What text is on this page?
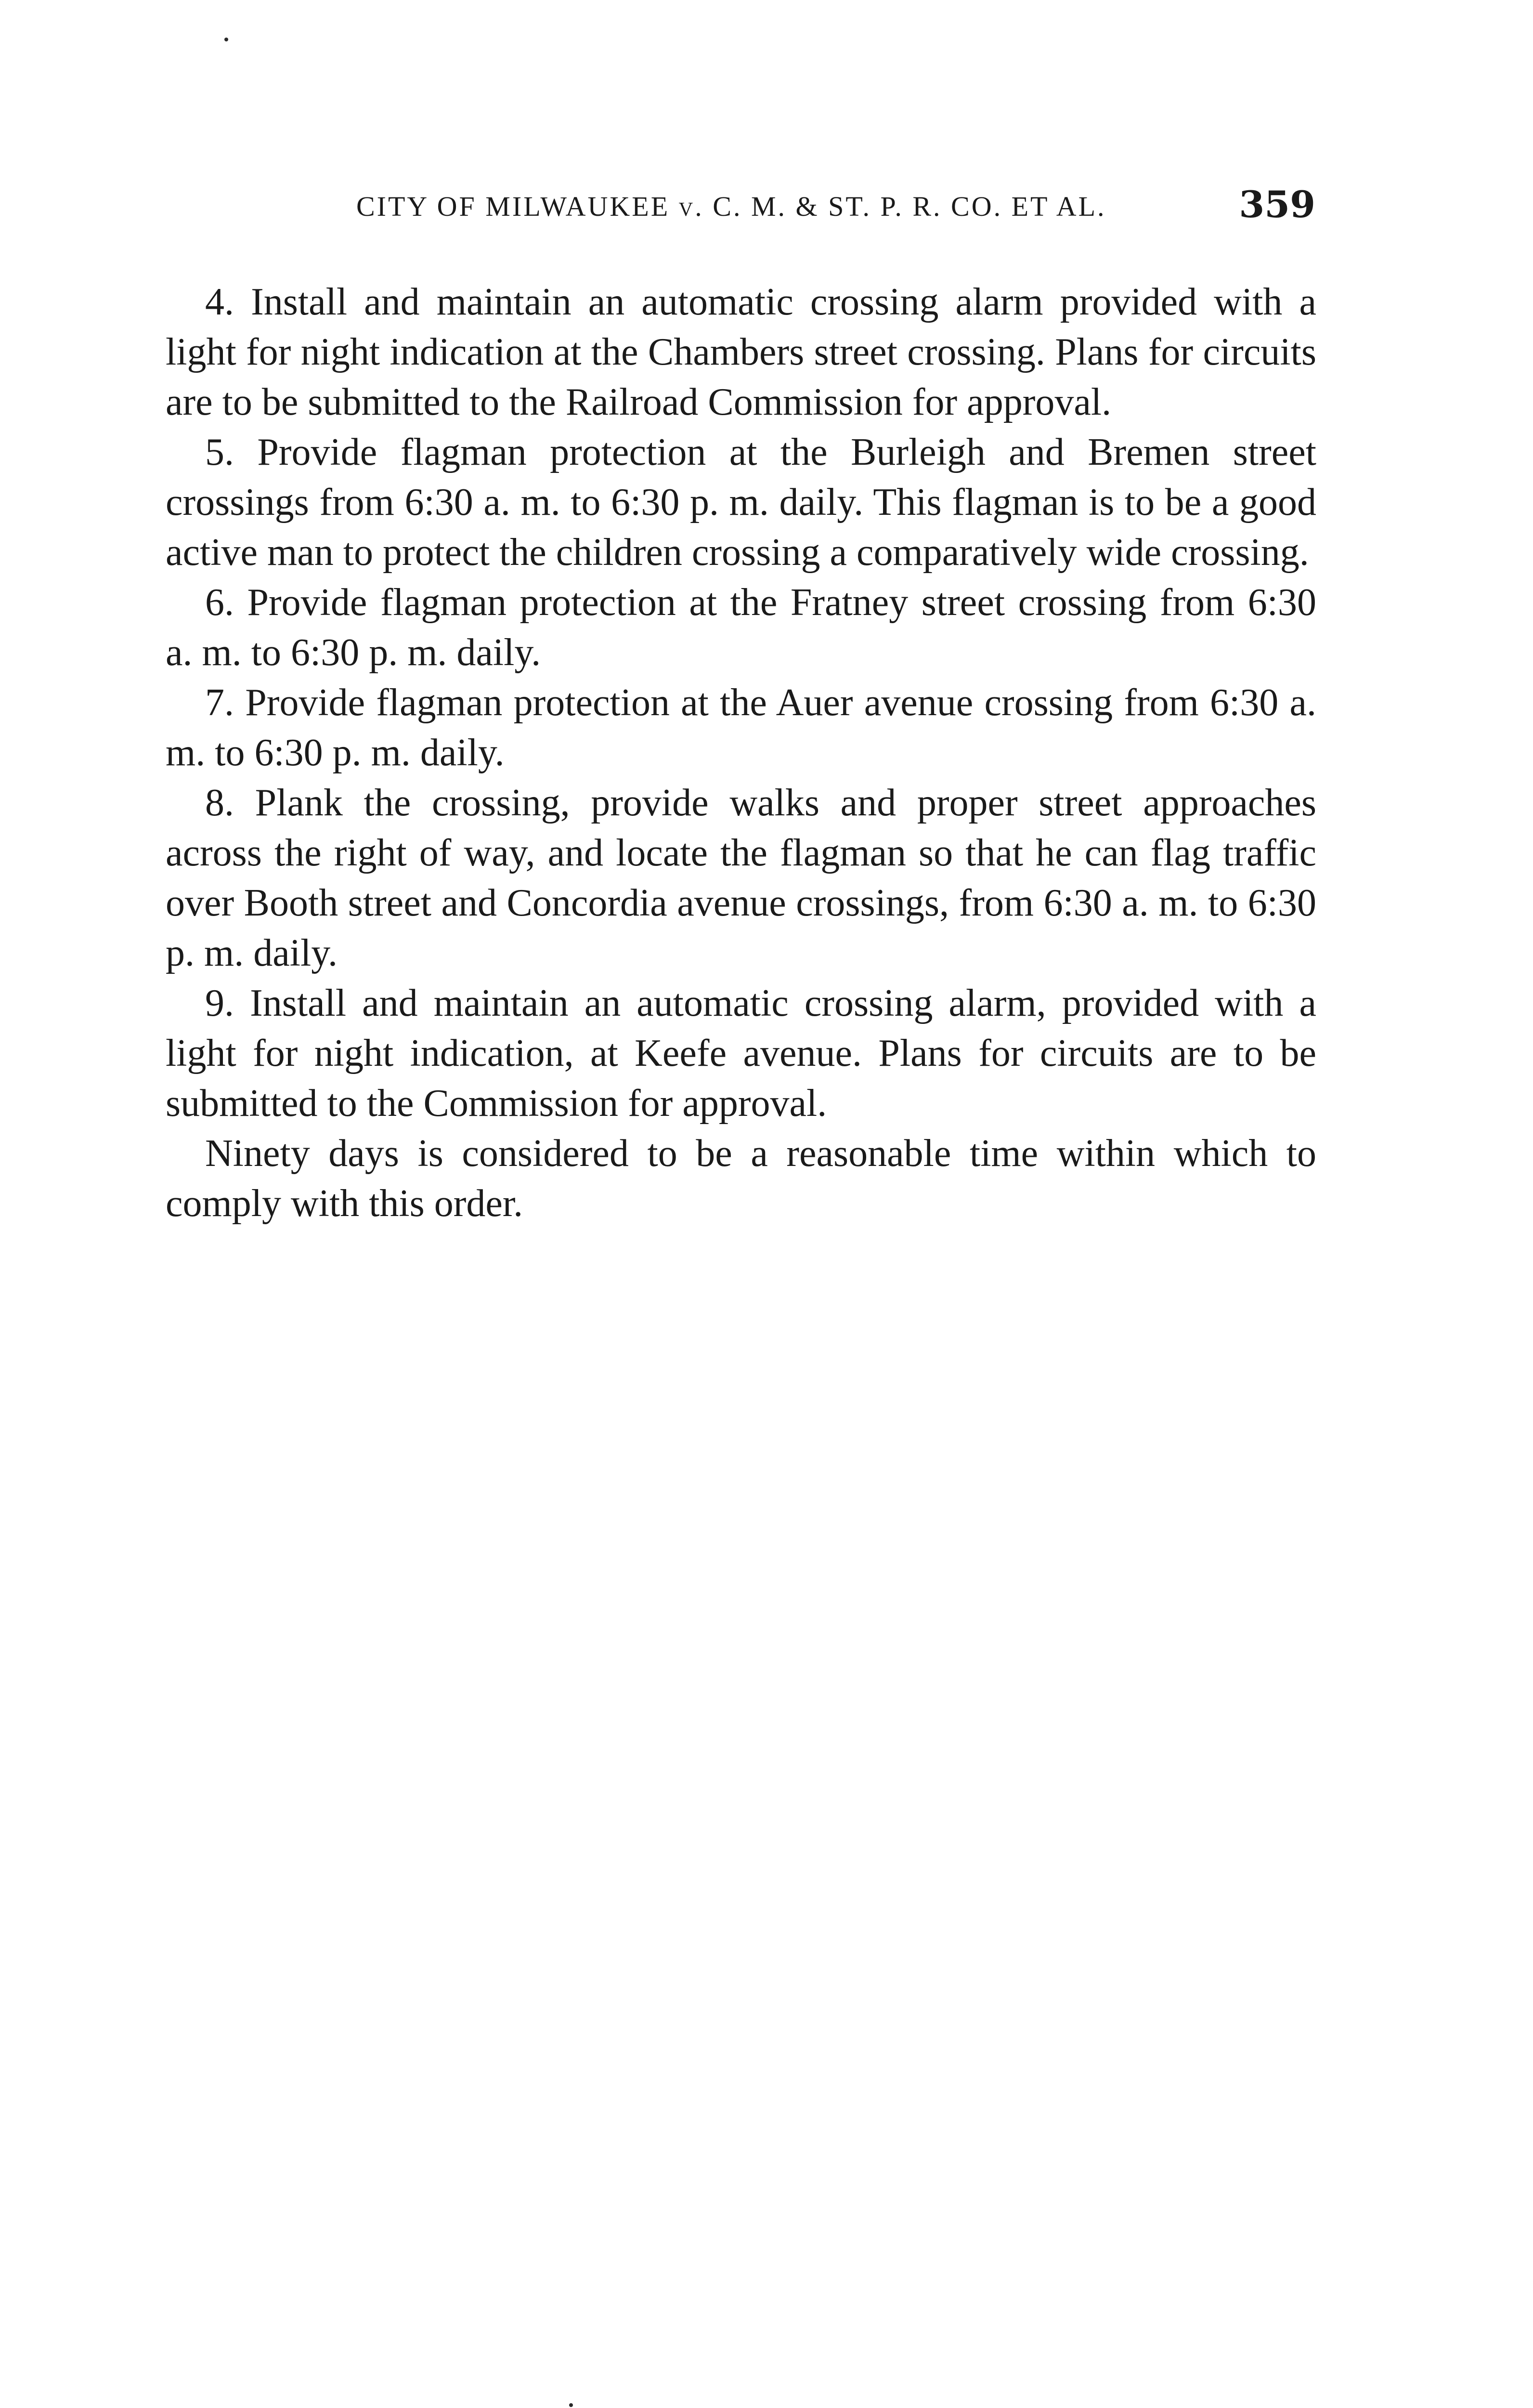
CITY OF MILWAUKEE v. C. M. & ST. P. R. CO. ET AL.	359

4. Install and maintain an automatic crossing alarm provided with a light for night indication at the Chambers street crossing. Plans for circuits are to be submitted to the Railroad Commission for approval.

5. Provide flagman protection at the Burleigh and Bremen street crossings from 6:30 a. m. to 6:30 p. m. daily. This flagman is to be a good active man to protect the children crossing a comparatively wide crossing.

6. Provide flagman protection at the Fratney street crossing from 6:30 a. m. to 6:30 p. m. daily.

7. Provide flagman protection at the Auer avenue crossing from 6:30 a. m. to 6:30 p. m. daily.

8. Plank the crossing, provide walks and proper street approaches across the right of way, and locate the flagman so that he can flag traffic over Booth street and Concordia avenue crossings, from 6:30 a. m. to 6:30 p. m. daily.

9. Install and maintain an automatic crossing alarm, provided with a light for night indication, at Keefe avenue. Plans for circuits are to be submitted to the Commission for approval.

Ninety days is considered to be a reasonable time within which to comply with this order.
